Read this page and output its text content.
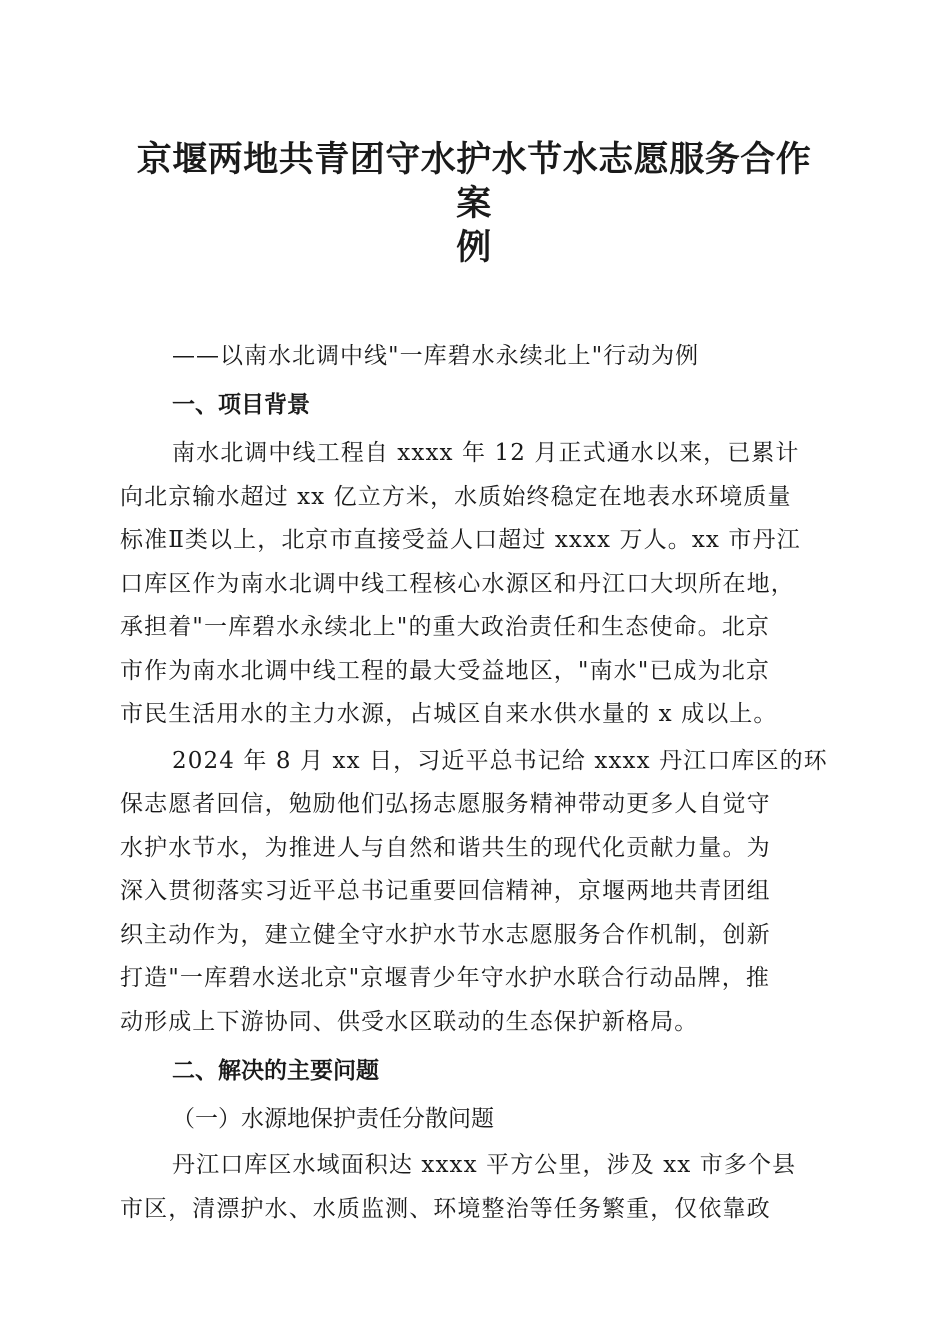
京堰两地共青团守水护水节水志愿服务合作案
例
——以南水北调中线"一库碧水永续北上"行动为例
一、项目背景
南水北调中线工程自 xxxx 年 12 月正式通水以来，已累计
向北京输水超过 xx 亿立方米，水质始终稳定在地表水环境质量
标准Ⅱ类以上，北京市直接受益人口超过 xxxx 万人。xx 市丹江
口库区作为南水北调中线工程核心水源区和丹江口大坝所在地，
承担着"一库碧水永续北上"的重大政治责任和生态使命。北京
市作为南水北调中线工程的最大受益地区，"南水"已成为北京
市民生活用水的主力水源，占城区自来水供水量的 x 成以上。
2024 年 8 月 xx 日，习近平总书记给 xxxx 丹江口库区的环
保志愿者回信，勉励他们弘扬志愿服务精神带动更多人自觉守
水护水节水，为推进人与自然和谐共生的现代化贡献力量。为
深入贯彻落实习近平总书记重要回信精神，京堰两地共青团组
织主动作为，建立健全守水护水节水志愿服务合作机制，创新
打造"一库碧水送北京"京堰青少年守水护水联合行动品牌，推
动形成上下游协同、供受水区联动的生态保护新格局。
二、解决的主要问题
（一）水源地保护责任分散问题
丹江口库区水域面积达 xxxx 平方公里，涉及 xx 市多个县
市区，清漂护水、水质监测、环境整治等任务繁重，仅依靠政
